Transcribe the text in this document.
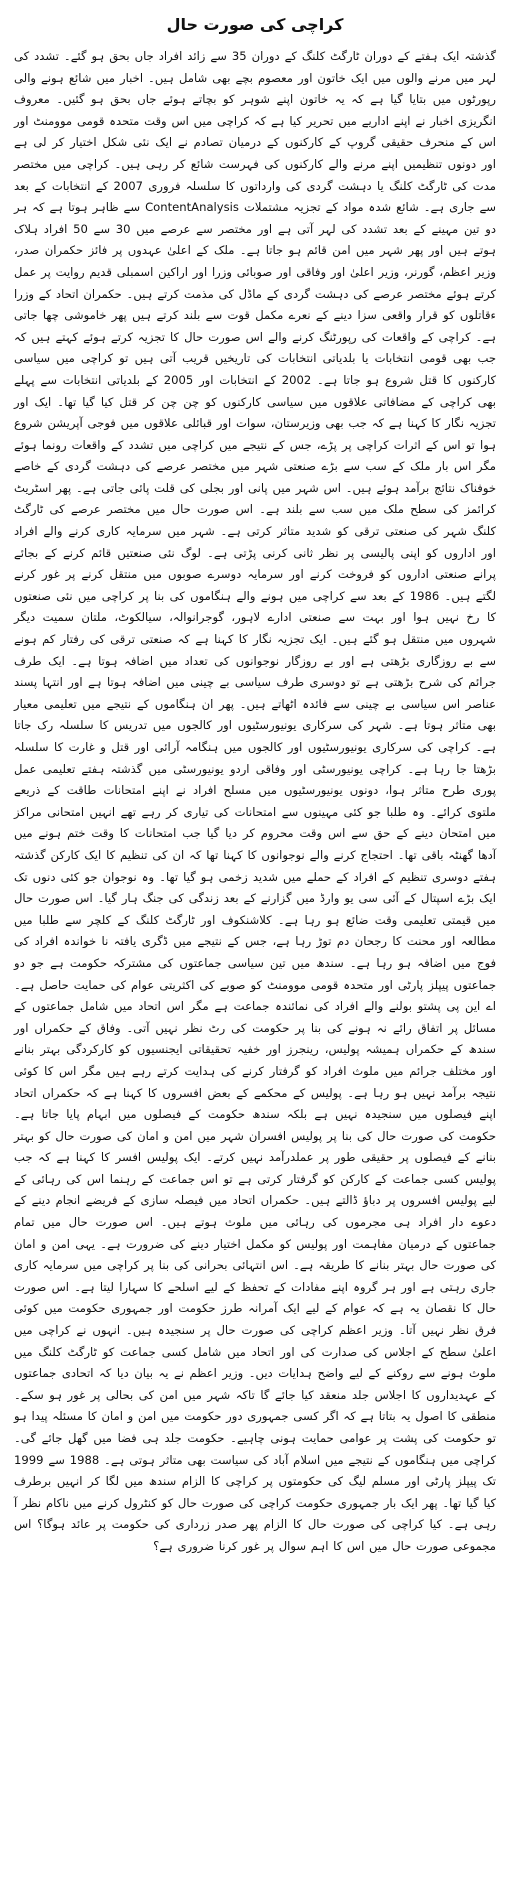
کراچی کی صورت حال

گذشتہ ایک ہفتے کے دوران ٹارگٹ کلنگ کے دوران 35 سے زائد افراد جاں بحق ہو گئے۔ تشدد کی لہر میں مرنے والوں میں ایک خاتون اور معصوم بچے بھی شامل ہیں۔ اخبار میں شائع ہونے والی رپورٹوں میں بتایا گیا ہے کہ یہ خاتون اپنے شوہر کو بچاتے ہوئے جاں بحق ہو گئیں۔ معروف انگریزی اخبار نے اپنے اداریے میں تحریر کیا ہے کہ کراچی میں اس وقت متحدہ قومی موومنٹ اور اس کے منحرف حقیقی گروپ کے کارکنوں کے درمیان تصادم نے ایک نئی شکل اختیار کر لی ہے اور دونوں تنظیمیں اپنے مرنے والے کارکنوں کی فہرست شائع کر رہی ہیں۔ کراچی میں مختصر مدت کی ٹارگٹ کلنگ یا دہشت گردی کی وارداتوں کا سلسلہ فروری 2007 کے انتخابات کے بعد سے جاری ہے۔ شائع شدہ مواد کے تجزیہ مشتملات ContentAnalysis سے ظاہر ہوتا ہے کہ ہر دو تین مہینے کے بعد تشدد کی لہر آتی ہے اور مختصر سے عرصے میں 30 سے 50 افراد ہلاک ہوتے ہیں اور پھر شہر میں امن قائم ہو جاتا ہے۔ ملک کے اعلیٰ عہدوں پر فائز حکمران صدر، وزیر اعظم، گورنر، وزیر اعلیٰ اور وفاقی اور صوبائی وزرا اور اراکین اسمبلی قدیم روایت پر عمل کرتے ہوئے مختصر عرصے کی دہشت گردی کے ماڈل کی مذمت کرتے ہیں۔ حکمران اتحاد کے وزرا ءقاتلوں کو قرار واقعی سزا دینے کے نعرے مکمل قوت سے بلند کرتے ہیں پھر خاموشی چھا جاتی ہے۔ کراچی کے واقعات کی رپورٹنگ کرنے والے اس صورت حال کا تجزیہ کرتے ہوئے کہتے ہیں کہ جب بھی قومی انتخابات یا بلدیاتی انتخابات کی تاریخیں قریب آتی ہیں تو کراچی میں سیاسی کارکنوں کا قتل شروع ہو جاتا ہے۔ 2002 کے انتخابات اور 2005 کے بلدیاتی انتخابات سے پہلے بھی کراچی کے مضافاتی علاقوں میں سیاسی کارکنوں کو چن چن کر قتل کیا گیا تھا۔ ایک اور تجزیہ نگار کا کہنا ہے کہ جب بھی وزیرستان، سوات اور قبائلی علاقوں میں فوجی آپریشن شروع ہوا تو اس کے اثرات کراچی پر پڑے، جس کے نتیجے میں کراچی میں تشدد کے واقعات رونما ہوئے مگر اس بار ملک کے سب سے بڑے صنعتی شہر میں مختصر عرصے کی دہشت گردی کے خاصے خوفناک نتائج برآمد ہوئے ہیں۔ اس شہر میں پانی اور بجلی کی قلت پائی جاتی ہے۔ پھر اسٹریٹ کرائمز کی سطح ملک میں سب سے بلند ہے۔ اس صورت حال میں مختصر عرصے کی ٹارگٹ کلنگ شہر کی صنعتی ترقی کو شدید متاثر کرتی ہے۔ شہر میں سرمایہ کاری کرنے والے افراد اور اداروں کو اپنی پالیسی پر نظر ثانی کرنی پڑتی ہے۔ لوگ نئی صنعتیں قائم کرنے کے بجائے پرانے صنعتی اداروں کو فروخت کرنے اور سرمایہ دوسرے صوبوں میں منتقل کرنے پر غور کرنے لگتے ہیں۔ 1986 کے بعد سے کراچی میں ہونے والے ہنگاموں کی بنا پر کراچی میں نئی صنعتوں کا رخ نہیں ہوا اور بہت سے صنعتی ادارے لاہور، گوجرانوالہ، سیالکوٹ، ملتان سمیت دیگر شہروں میں منتقل ہو گئے ہیں۔ ایک تجزیہ نگار کا کہنا ہے کہ صنعتی ترقی کی رفتار کم ہونے سے بے روزگاری بڑھتی ہے اور بے روزگار نوجوانوں کی تعداد میں اضافہ ہوتا ہے۔ ایک طرف جرائم کی شرح بڑھتی ہے تو دوسری طرف سیاسی بے چینی میں اضافہ ہوتا ہے اور انتہا پسند عناصر اس سیاسی بے چینی سے فائدہ اٹھاتے ہیں۔ پھر ان ہنگاموں کے نتیجے میں تعلیمی معیار بھی متاثر ہوتا ہے۔ شہر کی سرکاری یونیورسٹیوں اور کالجوں میں تدریس کا سلسلہ رک جاتا ہے۔ کراچی کی سرکاری یونیورسٹیوں اور کالجوں میں ہنگامہ آرائی اور قتل و غارت کا سلسلہ بڑھتا جا رہا ہے۔ کراچی یونیورسٹی اور وفاقی اردو یونیورسٹی میں گذشتہ ہفتے تعلیمی عمل پوری طرح متاثر ہوا، دونوں یونیورسٹیوں میں مسلح افراد نے اپنے امتحانات طاقت کے ذریعے ملتوی کرائے۔ وہ طلبا جو کئی مہینوں سے امتحانات کی تیاری کر رہے تھے انہیں امتحانی مراکز میں امتحان دینے کے حق سے اس وقت محروم کر دیا گیا جب امتحانات کا وقت ختم ہونے میں آدھا گھنٹہ باقی تھا۔ احتجاج کرنے والے نوجوانوں کا کہنا تھا کہ ان کی تنظیم کا ایک کارکن گذشتہ ہفتے دوسری تنظیم کے افراد کے حملے میں شدید زخمی ہو گیا تھا۔ وہ نوجوان جو کئی دنوں تک ایک بڑے اسپتال کے آئی سی یو وارڈ میں گزارنے کے بعد زندگی کی جنگ ہار گیا۔ اس صورت حال میں قیمتی تعلیمی وقت ضائع ہو رہا ہے۔ کلاشنکوف اور ٹارگٹ کلنگ کے کلچر سے طلبا میں مطالعہ اور محنت کا رجحان دم توڑ رہا ہے، جس کے نتیجے میں ڈگری یافتہ نا خواندہ افراد کی فوج میں اضافہ ہو رہا ہے۔ سندھ میں تین سیاسی جماعتوں کی مشترکہ حکومت ہے جو دو جماعتوں پیپلز پارٹی اور متحدہ قومی موومنٹ کو صوبے کی اکثریتی عوام کی حمایت حاصل ہے۔ اے این پی پشتو بولنے والے افراد کی نمائندہ جماعت ہے مگر اس اتحاد میں شامل جماعتوں کے مسائل پر اتفاق رائے نہ ہونے کی بنا پر حکومت کی رٹ نظر نہیں آتی۔ وفاق کے حکمراں اور سندھ کے حکمراں ہمیشہ پولیس، رینجرز اور خفیہ تحقیقاتی ایجنسیوں کو کارکردگی بہتر بنانے اور مختلف جرائم میں ملوث افراد کو گرفتار کرنے کی ہدایت کرتے رہے ہیں مگر اس کا کوئی نتیجہ برآمد نہیں ہو رہا ہے۔ پولیس کے محکمے کے بعض افسروں کا کہنا ہے کہ حکمراں اتحاد اپنے فیصلوں میں سنجیدہ نہیں ہے بلکہ سندھ حکومت کے فیصلوں میں ابہام پایا جاتا ہے۔ حکومت کی صورت حال کی بنا پر پولیس افسران شہر میں امن و امان کی صورت حال کو بہتر بنانے کے فیصلوں پر حقیقی طور پر عملدرآمد نہیں کرتے۔ ایک پولیس افسر کا کہنا ہے کہ جب پولیس کسی جماعت کے کارکن کو گرفتار کرتی ہے تو اس جماعت کے رہنما اس کی رہائی کے لیے پولیس افسروں پر دباؤ ڈالتے ہیں۔ حکمراں اتحاد میں فیصلہ سازی کے فریضے انجام دینے کے دعوے دار افراد ہی مجرموں کی رہائی میں ملوث ہوتے ہیں۔ اس صورت حال میں تمام جماعتوں کے درمیان مفاہمت اور پولیس کو مکمل اختیار دینے کی ضرورت ہے۔ یہی امن و امان کی صورت حال بہتر بنانے کا طریقہ ہے۔ اس انتہائی بحرانی کی بنا پر کراچی میں سرمایہ کاری جاری رہتی ہے اور ہر گروہ اپنے مفادات کے تحفظ کے لیے اسلحے کا سہارا لیتا ہے۔ اس صورت حال کا نقصان یہ ہے کہ عوام کے لیے ایک آمرانہ طرز حکومت اور جمہوری حکومت میں کوئی فرق نظر نہیں آتا۔ وزیر اعظم کراچی کی صورت حال پر سنجیدہ ہیں۔ انہوں نے کراچی میں اعلیٰ سطح کے اجلاس کی صدارت کی اور اتحاد میں شامل کسی جماعت کو ٹارگٹ کلنگ میں ملوث ہونے سے روکنے کے لیے واضح ہدایات دیں۔ وزیر اعظم نے یہ بیان دیا کہ اتحادی جماعتوں کے عہدیداروں کا اجلاس جلد منعقد کیا جائے گا تاکہ شہر میں امن کی بحالی پر غور ہو سکے۔ منطقی کا اصول یہ بتاتا ہے کہ اگر کسی جمہوری دور حکومت میں امن و امان کا مسئلہ پیدا ہو تو حکومت کی پشت پر عوامی حمایت ہونی چاہیے۔ حکومت جلد ہی فضا میں گھل جائے گی۔ کراچی میں ہنگاموں کے نتیجے میں اسلام آباد کی سیاست بھی متاثر ہوتی ہے۔ 1988 سے 1999 تک پیپلز پارٹی اور مسلم لیگ کی حکومتوں پر کراچی کا الزام سندھ میں لگا کر انہیں برطرف کیا گیا تھا۔ پھر ایک بار جمہوری حکومت کراچی کی صورت حال کو کنٹرول کرنے میں ناکام نظر آ رہی ہے۔ کیا کراچی کی صورت حال کا الزام پھر صدر زرداری کی حکومت پر عائد ہوگا؟ اس مجموعی صورت حال میں اس کا اہم سوال پر غور کرنا ضروری ہے؟
